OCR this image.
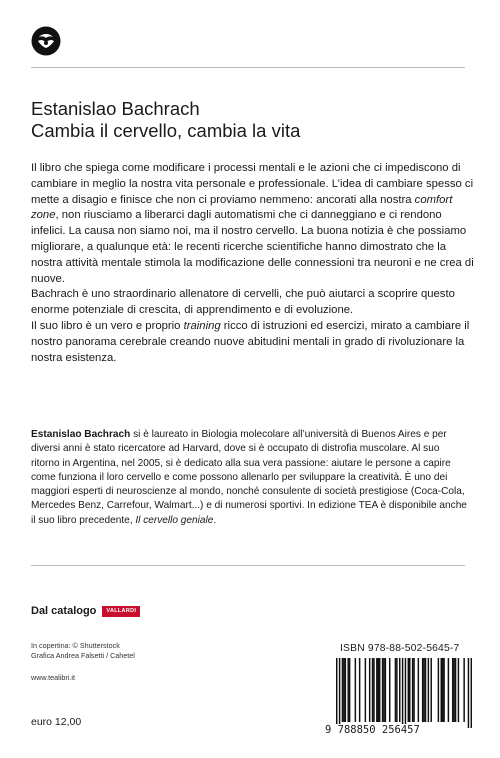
Estanislao Bachrach
Cambia il cervello, cambia la vita

Il libro che spiega come modificare i processi mentali e le azioni che ci impediscono di cambiare in meglio la nostra vita personale e professionale. L’idea di cambiare spesso ci mette a disagio e finisce che non ci proviamo nemmeno: ancorati alla nostra comfort zone, non riusciamo a liberarci dagli automatismi che ci danneggiano e ci rendono infelici. La causa non siamo noi, ma il nostro cervello. La buona notizia è che possiamo migliorare, a qualunque età: le recenti ricerche scientifiche hanno dimostrato che la nostra attività mentale stimola la modificazione delle connessioni tra neuroni e ne crea di nuove.

Bachrach è uno straordinario allenatore di cervelli, che può aiutarci a scoprire questo enorme potenziale di crescita, di apprendimento e di evoluzione.

Il suo libro è un vero e proprio training ricco di istruzioni ed esercizi, mirato a cambiare il nostro panorama cerebrale creando nuove abitudini mentali in grado di rivoluzionare la nostra esistenza.

Estanislao Bachrach si è laureato in Biologia molecolare all’università di Buenos Aires e per diversi anni è stato ricercatore ad Harvard, dove si è occupato di distrofia muscolare. Al suo ritorno in Argentina, nel 2005, si è dedicato alla sua vera passione: aiutare le persone a capire come funziona il loro cervello e come possono allenarlo per sviluppare la creatività. È uno dei maggiori esperti di neuroscienze al mondo, nonché consulente di società prestigiose (Coca-Cola, Mercedes Benz, Carrefour, Walmart...) e di numerosi sportivi. In edizione TEA è disponibile anche il suo libro precedente, Il cervello geniale.

Dal catalogo	VALLARDI
In copertina: © Shutterstock
Grafica Andrea Falsetti / Cahetel
www.tealibri.it
euro 12,00
ISBN 978-88-502-5645-7
9 788850 256457
